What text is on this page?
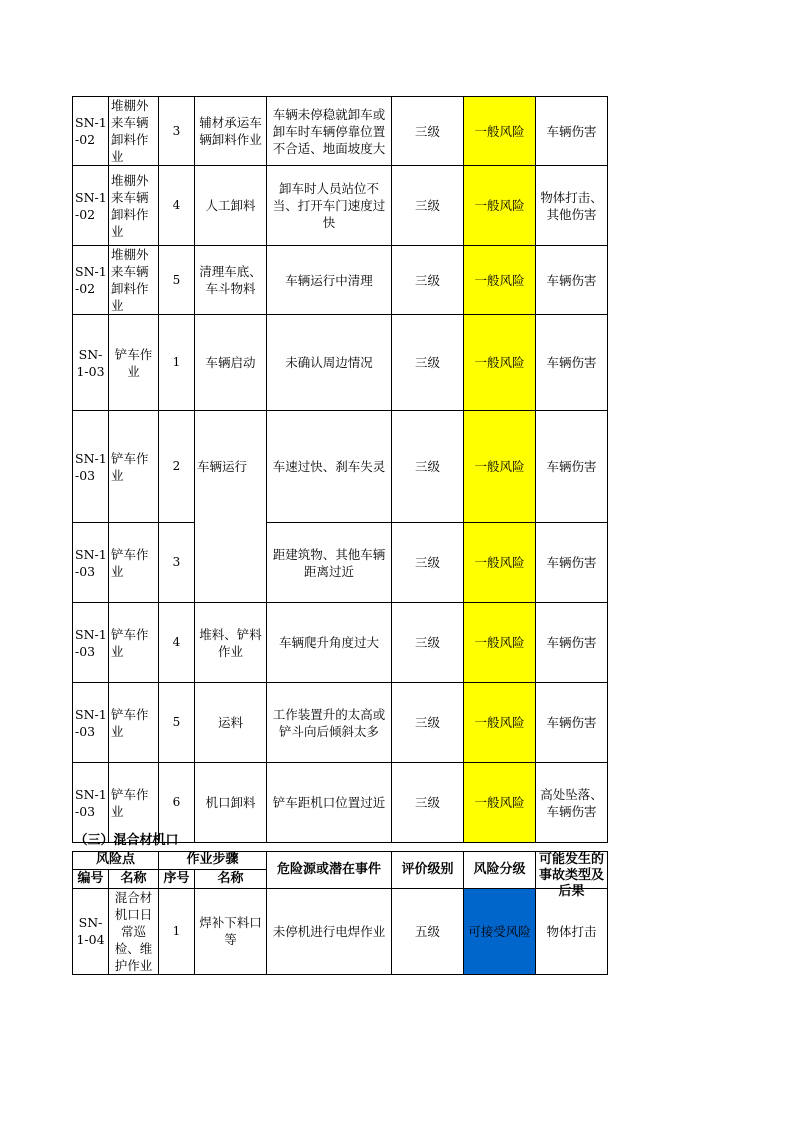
SN-1-02	堆棚外来车辆卸料作业	3	辅材承运车辆卸料作业	车辆未停稳就卸车或卸车时车辆停靠位置不合适、地面坡度大	三级	一般风险	车辆伤害
SN-1-02	堆棚外来车辆卸料作业	4	人工卸料	卸车时人员站位不当、打开车门速度过快	三级	一般风险	物体打击、其他伤害
SN-1-02	堆棚外来车辆卸料作业	5	清理车底、车斗物料	车辆运行中清理	三级	一般风险	车辆伤害
SN-1-03	铲车作业	1	车辆启动	未确认周边情况	三级	一般风险	车辆伤害
SN-1-03	铲车作业	2	车辆运行	车速过快、刹车失灵	三级	一般风险	车辆伤害
SN-1-03	铲车作业	3		距建筑物、其他车辆距离过近	三级	一般风险	车辆伤害
SN-1-03	铲车作业	4	堆料、铲料作业	车辆爬升角度过大	三级	一般风险	车辆伤害
SN-1-03	铲车作业	5	运料	工作装置升的太高或铲斗向后倾斜太多	三级	一般风险	车辆伤害
SN-1-03	铲车作业	6	机口卸料	铲车距机口位置过近	三级	一般风险	高处坠落、车辆伤害
（三）混合材机口							
风险点		作业步骤		危险源或潜在事件	评价级别	风险分级	可能发生的事故类型及后果

编号	名称	序号	名称				
SN-1-04	混合材机口日常巡检、维护作业	1	焊补下料口等	未停机进行电焊作业	五级	可接受风险	物体打击
